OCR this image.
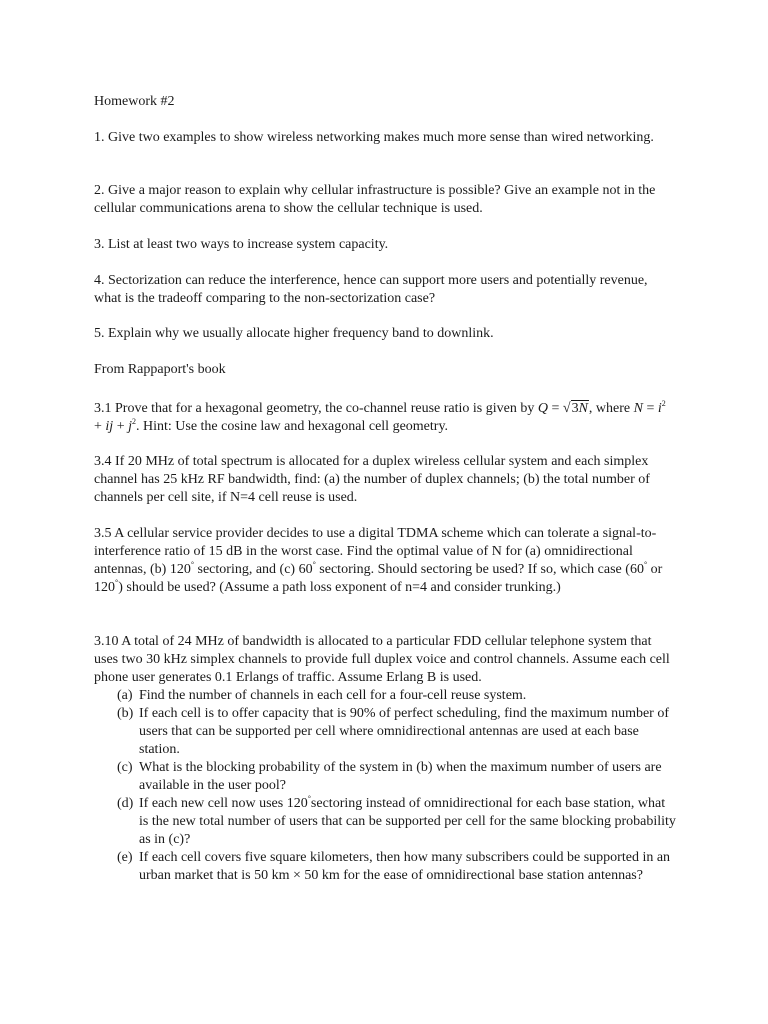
Homework #2

1. Give two examples to show wireless networking makes much more sense than wired networking.

2. Give a major reason to explain why cellular infrastructure is possible? Give an example not in the cellular communications arena to show the cellular technique is used.

3. List at least two ways to increase system capacity.

4. Sectorization can reduce the interference, hence can support more users and potentially revenue, what is the tradeoff comparing to the non-sectorization case?

5. Explain why we usually allocate higher frequency band to downlink.

From Rappaport's book

3.1 Prove that for a hexagonal geometry, the co-channel reuse ratio is given by Q = √3N, where $N = i^2$ + ij + $j^2$. Hint: Use the cosine law and hexagonal cell geometry.

3.4 If 20 MHz of total spectrum is allocated for a duplex wireless cellular system and each simplex channel has 25 kHz RF bandwidth, find: (a) the number of duplex channels; (b) the total number of channels per cell site, if N=4 cell reuse is used.

3.5 A cellular service provider decides to use a digital TDMA scheme which can tolerate a signal-to-interference ratio of 15 dB in the worst case. Find the optimal value of N for (a) omnidirectional antennas, (b) 120° sectoring, and (c) 60° sectoring. Should sectoring be used? If so, which case (60° or 120°) should be used? (Assume a path loss exponent of n=4 and consider trunking.)

3.10 A total of 24 MHz of bandwidth is allocated to a particular FDD cellular telephone system that uses two 30 kHz simplex channels to provide full duplex voice and control channels. Assume each cell phone user generates 0.1 Erlangs of traffic. Assume Erlang B is used.

(a) Find the number of channels in each cell for a four-cell reuse system.
(b) If each cell is to offer capacity that is 90% of perfect scheduling, find the maximum number of users that can be supported per cell where omnidirectional antennas are used at each base station.
(c) What is the blocking probability of the system in (b) when the maximum number of users are available in the user pool?
(d) If each new cell now uses 120°sectoring instead of omnidirectional for each base station, what is the new total number of users that can be supported per cell for the same blocking probability as in (c)?
(e) If each cell covers five square kilometers, then how many subscribers could be supported in an urban market that is 50 km × 50 km for the ease of omnidirectional base station antennas?
